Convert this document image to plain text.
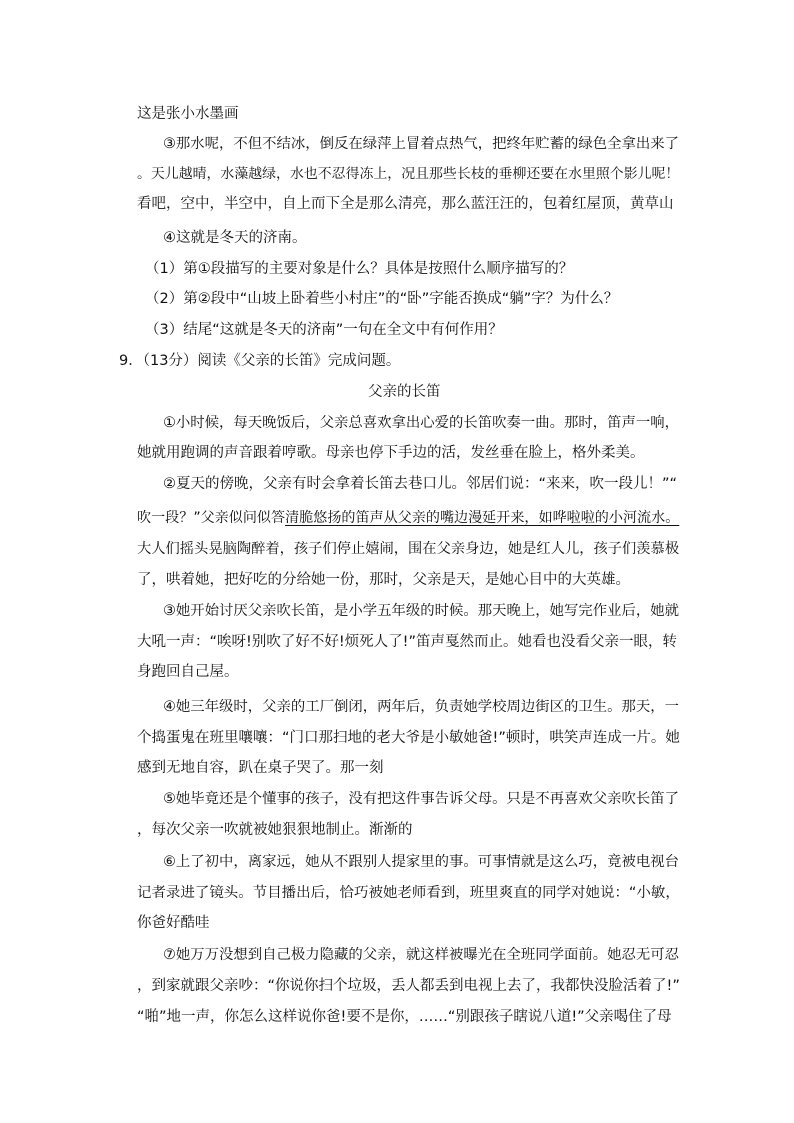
这是张小水墨画

③那水呢，不但不结冰，倒反在绿萍上冒着点热气，把终年贮蓄的绿色全拿出来了

。天儿越晴，水藻越绿，水也不忍得冻上，况且那些长枝的垂柳还要在水里照个影儿呢！

看吧，空中，半空中，自上而下全是那么清亮，那么蓝汪汪的，包着红屋顶，黄草山

④这就是冬天的济南。

（1）第①段描写的主要对象是什么？具体是按照什么顺序描写的？

（2）第②段中“山坡上卧着些小村庄”的“卧”字能否换成“躺”字？为什么？

（3）结尾“这就是冬天的济南”一句在全文中有何作用？

9．（13分）阅读《父亲的长笛》完成问题。

父亲的长笛

①小时候，每天晚饭后，父亲总喜欢拿出心爱的长笛吹奏一曲。那时，笛声一响，

她就用跑调的声音跟着哼歌。母亲也停下手边的活，发丝垂在脸上，格外柔美。

②夏天的傍晚，父亲有时会拿着长笛去巷口儿。邻居们说：“来来，吹一段儿！”“

吹一段？”父亲似问似答清脆悠扬的笛声从父亲的嘴边漫延开来，如哗啦啦的小河流水。

大人们摇头晃脑陶醉着，孩子们停止嬉闹，围在父亲身边，她是红人儿，孩子们羡慕极

了，哄着她，把好吃的分给她一份，那时，父亲是天，是她心目中的大英雄。

③她开始讨厌父亲吹长笛，是小学五年级的时候。那天晚上，她写完作业后，她就

大吼一声：“唉呀!别吹了好不好!烦死人了!”笛声戛然而止。她看也没看父亲一眼，转

身跑回自己屋。

④她三年级时，父亲的工厂倒闭，两年后，负责她学校周边街区的卫生。那天，一

个捣蛋鬼在班里嚷嚷：“门口那扫地的老大爷是小敏她爸!”顿时，哄笑声连成一片。她

感到无地自容，趴在桌子哭了。那一刻

⑤她毕竟还是个懂事的孩子，没有把这件事告诉父母。只是不再喜欢父亲吹长笛了

，每次父亲一吹就被她狠狠地制止。渐渐的

⑥上了初中，离家远，她从不跟别人提家里的事。可事情就是这么巧，竟被电视台

记者录进了镜头。节目播出后，恰巧被她老师看到，班里爽直的同学对她说：“小敏，

你爸好酷哇

⑦她万万没想到自己极力隐藏的父亲，就这样被曝光在全班同学面前。她忍无可忍

，到家就跟父亲吵：“你说你扫个垃圾，丢人都丢到电视上去了，我都快没脸活着了!”

“啪”地一声，你怎么这样说你爸!要不是你，……“别跟孩子瞎说八道!”父亲喝住了母
